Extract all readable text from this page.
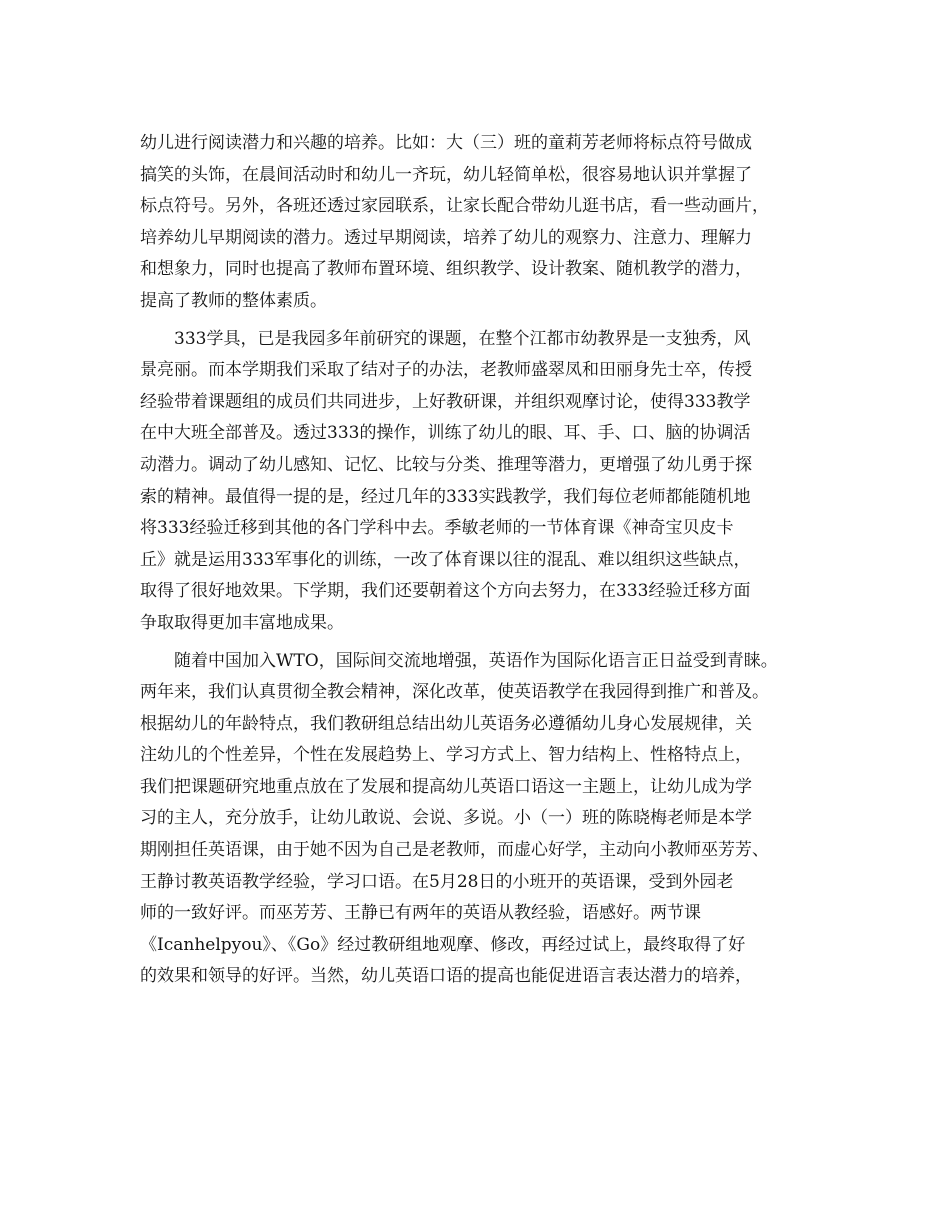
幼儿进行阅读潜力和兴趣的培养。比如：大（三）班的童莉芳老师将标点符号做成
搞笑的头饰，在晨间活动时和幼儿一齐玩，幼儿轻简单松，很容易地认识并掌握了
标点符号。另外，各班还透过家园联系，让家长配合带幼儿逛书店，看一些动画片，
培养幼儿早期阅读的潜力。透过早期阅读，培养了幼儿的观察力、注意力、理解力
和想象力，同时也提高了教师布置环境、组织教学、设计教案、随机教学的潜力，
提高了教师的整体素质。
333学具，已是我园多年前研究的课题，在整个江都市幼教界是一支独秀，风
景亮丽。而本学期我们采取了结对子的办法，老教师盛翠凤和田丽身先士卒，传授
经验带着课题组的成员们共同进步，上好教研课，并组织观摩讨论，使得333教学
在中大班全部普及。透过333的操作，训练了幼儿的眼、耳、手、口、脑的协调活
动潜力。调动了幼儿感知、记忆、比较与分类、推理等潜力，更增强了幼儿勇于探
索的精神。最值得一提的是，经过几年的333实践教学，我们每位老师都能随机地
将333经验迁移到其他的各门学科中去。季敏老师的一节体育课《神奇宝贝皮卡
丘》就是运用333军事化的训练，一改了体育课以往的混乱、难以组织这些缺点，
取得了很好地效果。下学期，我们还要朝着这个方向去努力，在333经验迁移方面
争取取得更加丰富地成果。
随着中国加入WTO，国际间交流地增强，英语作为国际化语言正日益受到青睐。
两年来，我们认真贯彻全教会精神，深化改革，使英语教学在我园得到推广和普及。
根据幼儿的年龄特点，我们教研组总结出幼儿英语务必遵循幼儿身心发展规律，关
注幼儿的个性差异，个性在发展趋势上、学习方式上、智力结构上、性格特点上，
我们把课题研究地重点放在了发展和提高幼儿英语口语这一主题上，让幼儿成为学
习的主人，充分放手，让幼儿敢说、会说、多说。小（一）班的陈晓梅老师是本学
期刚担任英语课，由于她不因为自己是老教师，而虚心好学，主动向小教师巫芳芳、
王静讨教英语教学经验，学习口语。在5月28日的小班开的英语课，受到外园老
师的一致好评。而巫芳芳、王静已有两年的英语从教经验，语感好。两节课
《Icanhelpyou》、《Go》经过教研组地观摩、修改，再经过试上，最终取得了好
的效果和领导的好评。当然，幼儿英语口语的提高也能促进语言表达潜力的培养，
